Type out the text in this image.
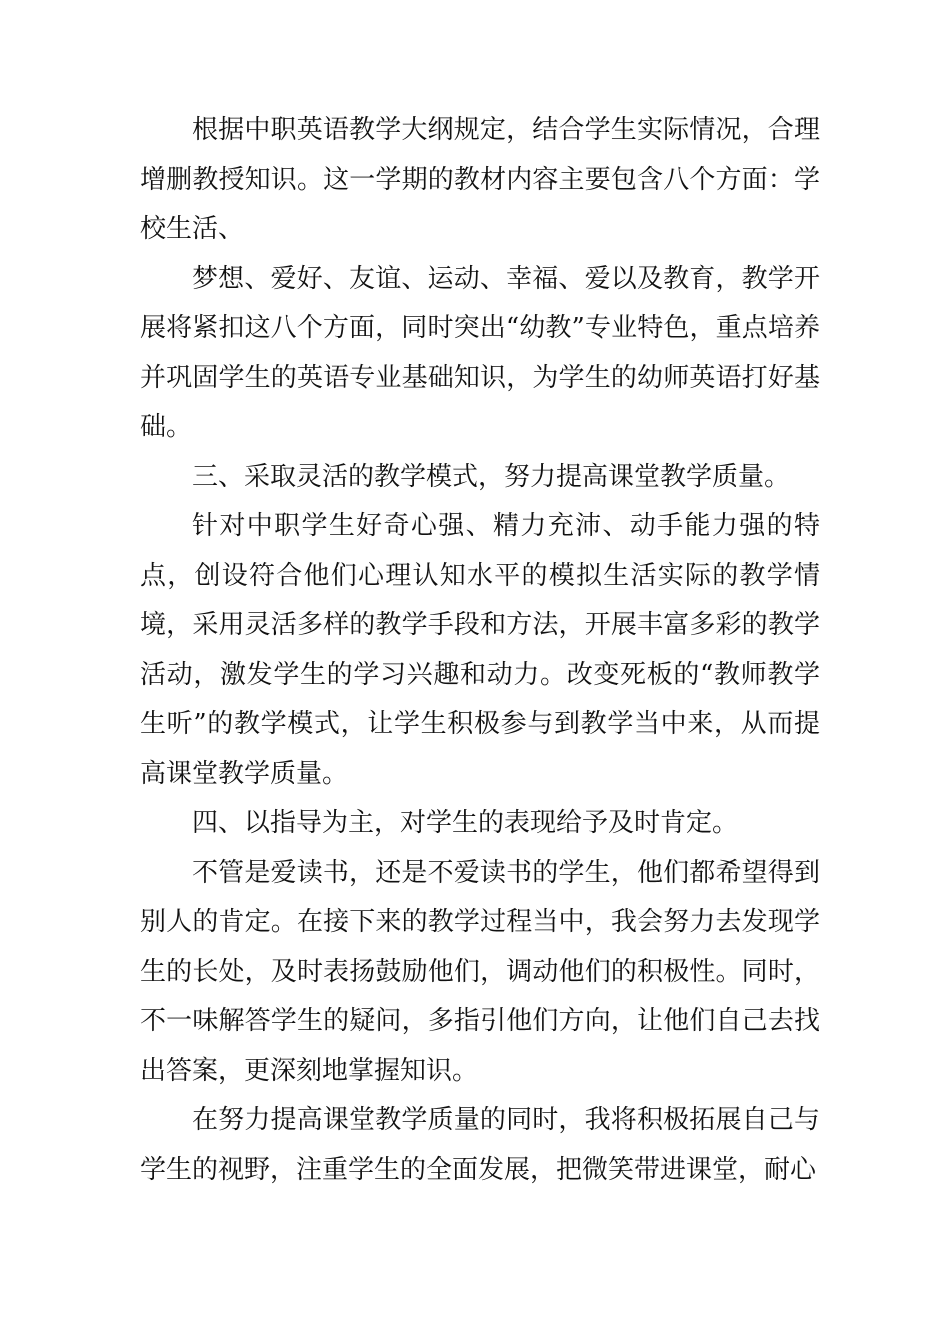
根据中职英语教学大纲规定，结合学生实际情况，合理增删教授知识。这一学期的教材内容主要包含八个方面：学校生活、

梦想、爱好、友谊、运动、幸福、爱以及教育，教学开展将紧扣这八个方面，同时突出“幼教”专业特色，重点培养并巩固学生的英语专业基础知识，为学生的幼师英语打好基础。

三、采取灵活的教学模式，努力提高课堂教学质量。

针对中职学生好奇心强、精力充沛、动手能力强的特点，创设符合他们心理认知水平的模拟生活实际的教学情境，采用灵活多样的教学手段和方法，开展丰富多彩的教学活动，激发学生的学习兴趣和动力。改变死板的“教师教学生听”的教学模式，让学生积极参与到教学当中来，从而提高课堂教学质量。

四、以指导为主，对学生的表现给予及时肯定。

不管是爱读书，还是不爱读书的学生，他们都希望得到别人的肯定。在接下来的教学过程当中，我会努力去发现学生的长处，及时表扬鼓励他们，调动他们的积极性。同时，不一味解答学生的疑问，多指引他们方向，让他们自己去找出答案，更深刻地掌握知识。

在努力提高课堂教学质量的同时，我将积极拓展自己与学生的视野，注重学生的全面发展，把微笑带进课堂，耐心
